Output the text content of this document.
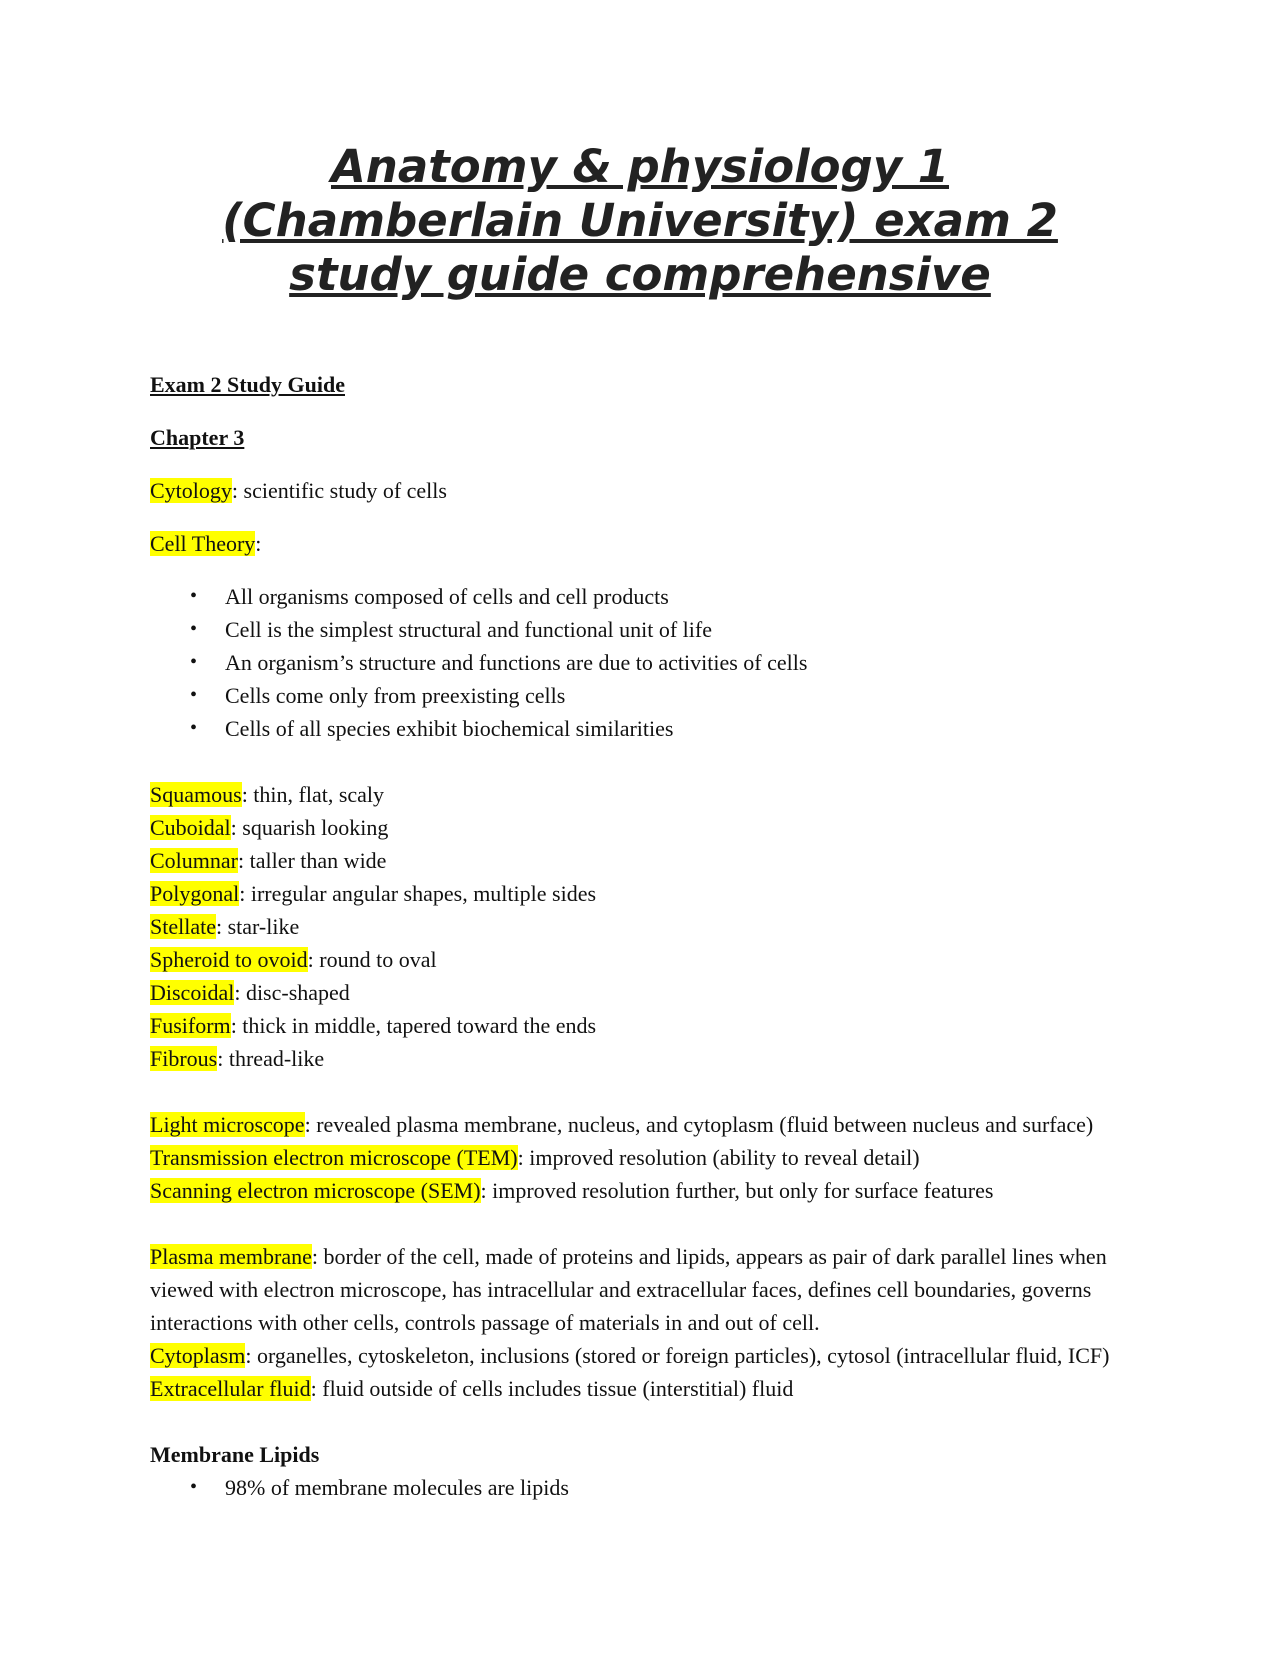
Anatomy & physiology 1
(Chamberlain University) exam 2
study guide comprehensive

Exam 2 Study Guide

Chapter 3

Cytology: scientific study of cells

Cell Theory:

• All organisms composed of cells and cell products
• Cell is the simplest structural and functional unit of life
• An organism’s structure and functions are due to activities of cells
• Cells come only from preexisting cells
• Cells of all species exhibit biochemical similarities

Squamous: thin, flat, scaly

Cuboidal: squarish looking

Columnar: taller than wide

Polygonal: irregular angular shapes, multiple sides

Stellate: star-like

Spheroid to ovoid: round to oval

Discoidal: disc-shaped

Fusiform: thick in middle, tapered toward the ends

Fibrous: thread-like

Light microscope: revealed plasma membrane, nucleus, and cytoplasm (fluid between nucleus and surface)

Transmission electron microscope (TEM): improved resolution (ability to reveal detail)

Scanning electron microscope (SEM): improved resolution further, but only for surface features

Plasma membrane: border of the cell, made of proteins and lipids, appears as pair of dark parallel lines when viewed with electron microscope, has intracellular and extracellular faces, defines cell boundaries, governs interactions with other cells, controls passage of materials in and out of cell.

Cytoplasm: organelles, cytoskeleton, inclusions (stored or foreign particles), cytosol (intracellular fluid, ICF)

Extracellular fluid: fluid outside of cells includes tissue (interstitial) fluid

Membrane Lipids

• 98% of membrane molecules are lipids
